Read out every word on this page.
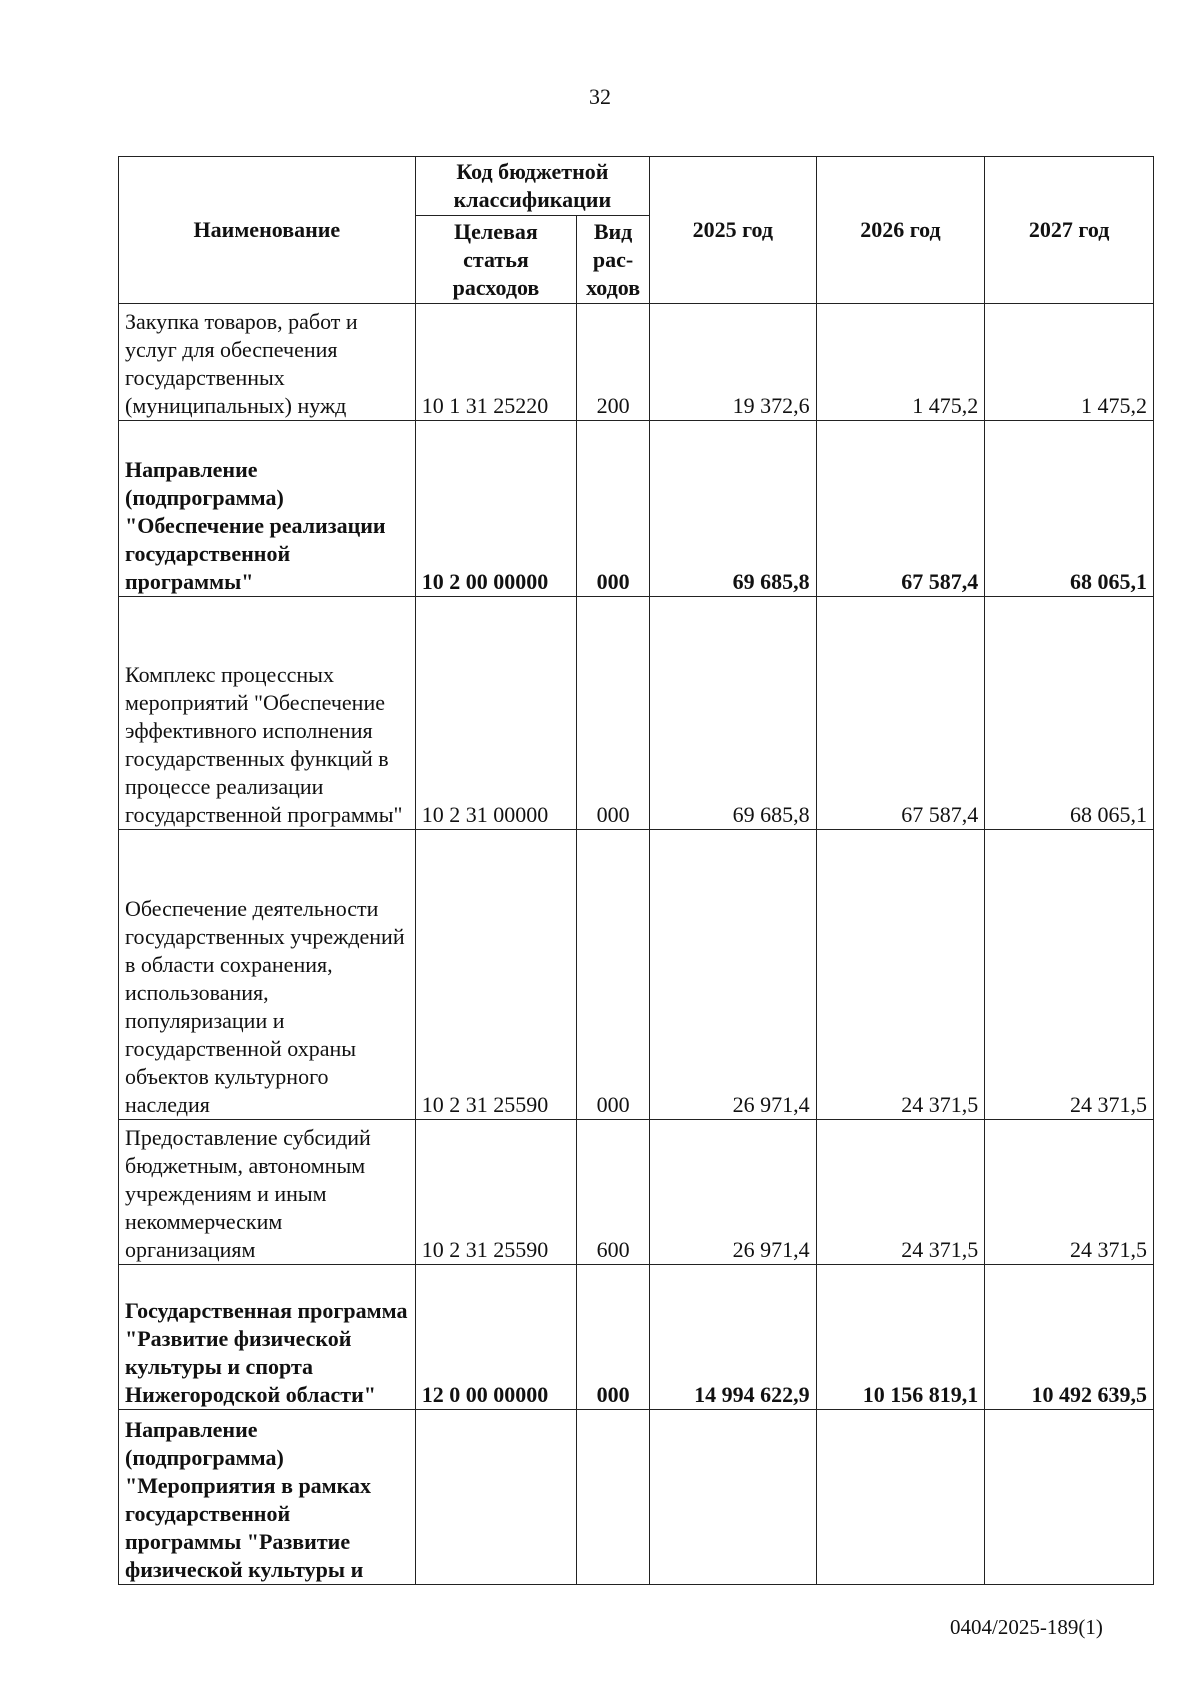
32
Наименование	Код бюджетной классификации		2025 год	2026 год	2027 год
	Целевая статья расходов	Вид рас-ходов			
Закупка товаров, работ и услуг для обеспечения государственных (муниципальных) нужд	10 1 31 25220	200	19 372,6	1 475,2	1 475,2
Направление (подпрограмма) "Обеспечение реализации государственной программы"	10 2 00 00000	000	69 685,8	67 587,4	68 065,1
Комплекс процессных мероприятий "Обеспечение эффективного исполнения государственных функций в процессе реализации государственной программы"	10 2 31 00000	000	69 685,8	67 587,4	68 065,1
Обеспечение деятельности государственных учреждений в области сохранения, использования, популяризации и государственной охраны объектов культурного наследия	10 2 31 25590	000	26 971,4	24 371,5	24 371,5
Предоставление субсидий бюджетным, автономным учреждениям и иным некоммерческим организациям	10 2 31 25590	600	26 971,4	24 371,5	24 371,5
Государственная программа "Развитие физической культуры и спорта Нижегородской области"	12 0 00 00000	000	14 994 622,9	10 156 819,1	10 492 639,5
Направление (подпрограмма) "Мероприятия в рамках государственной программы "Развитие физической культуры и					
0404/2025-189(1)
